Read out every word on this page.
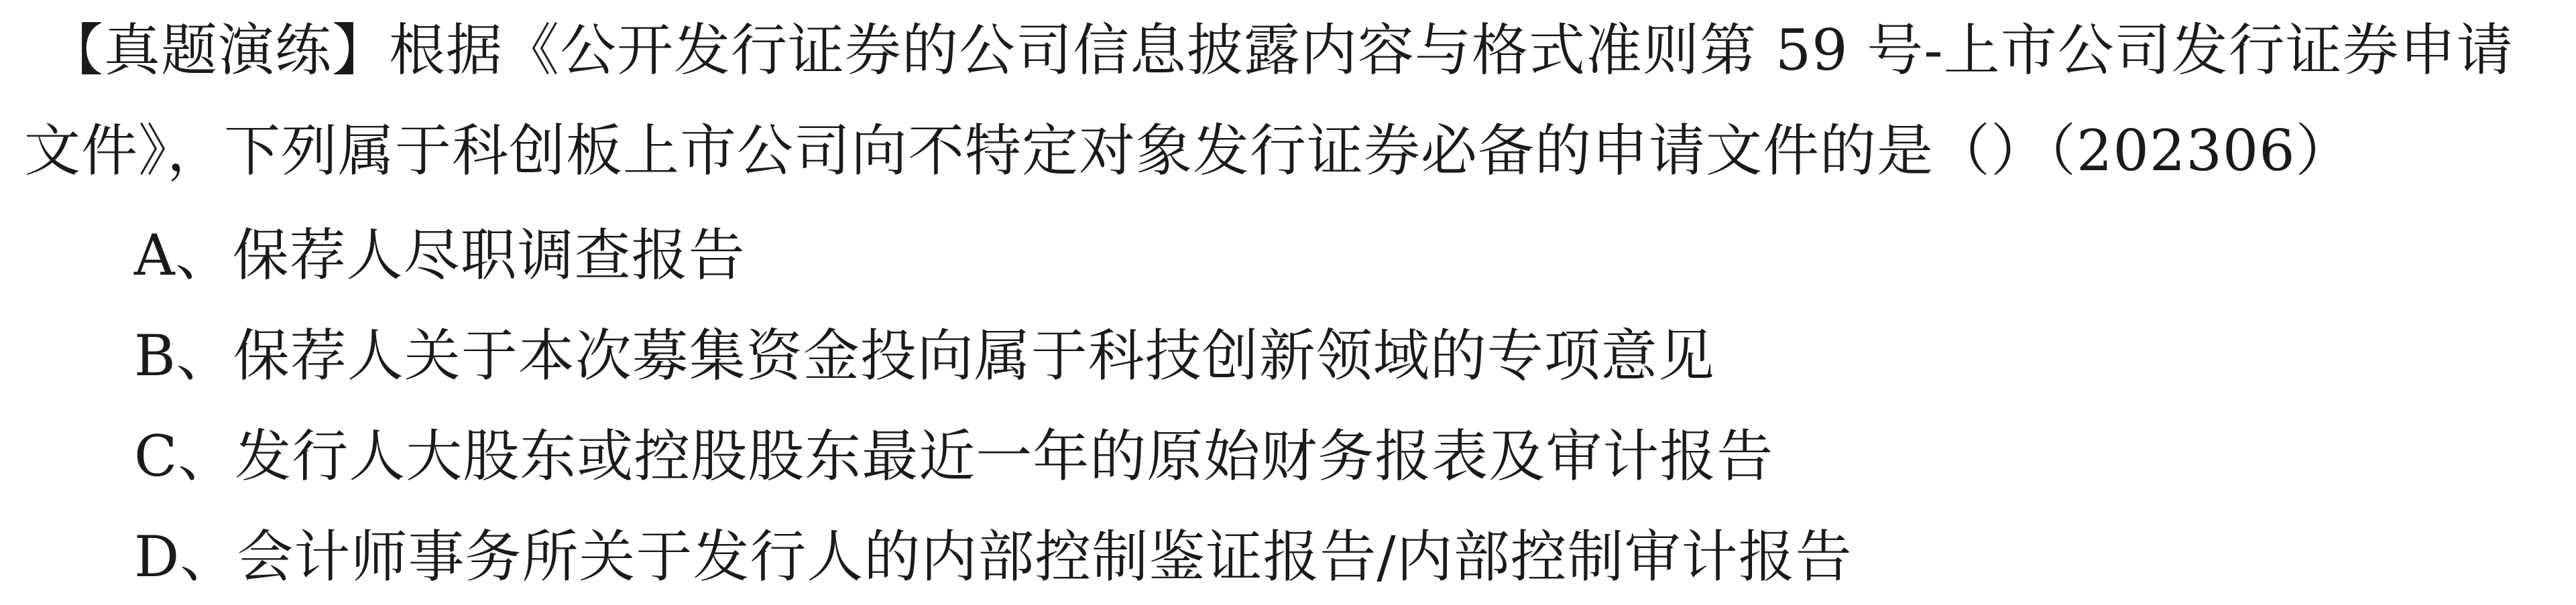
【真题演练】根据《公开发行证券的公司信息披露内容与格式准则第 59 号-上市公司发行证券申请
文件》，下列属于科创板上市公司向不特定对象发行证券必备的申请文件的是（）（202306）
A、保荐人尽职调查报告
B、保荐人关于本次募集资金投向属于科技创新领域的专项意见
C、发行人大股东或控股股东最近一年的原始财务报表及审计报告
D、会计师事务所关于发行人的内部控制鉴证报告/内部控制审计报告
